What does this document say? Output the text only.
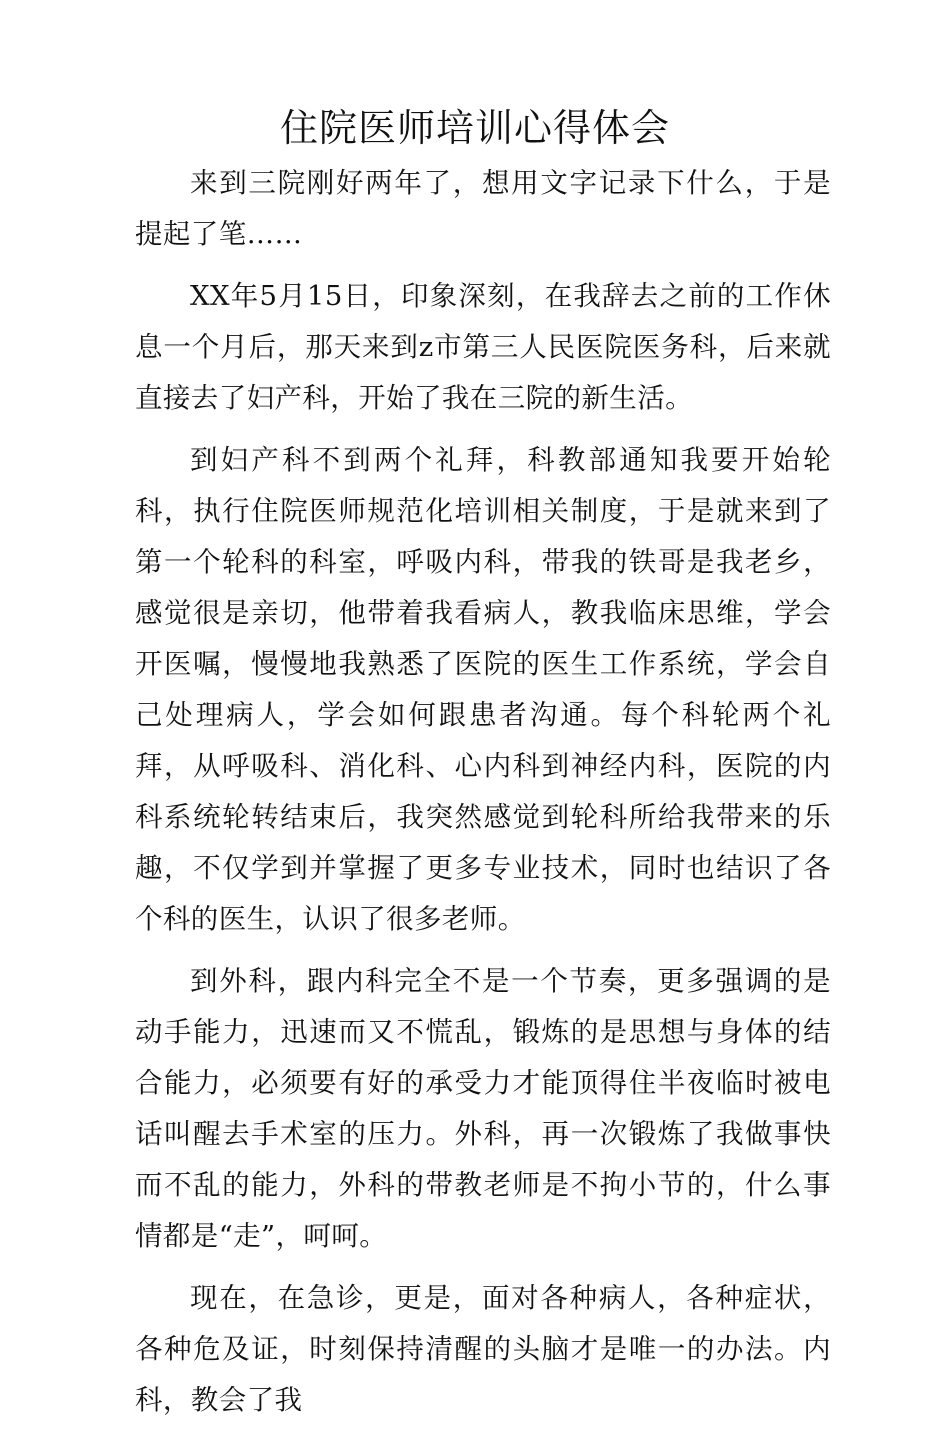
住院医师培训心得体会

来到三院刚好两年了，想用文字记录下什么，于是提起了笔……

XX年5月15日，印象深刻，在我辞去之前的工作休息一个月后，那天来到z市第三人民医院医务科，后来就直接去了妇产科，开始了我在三院的新生活。

到妇产科不到两个礼拜，科教部通知我要开始轮科，执行住院医师规范化培训相关制度，于是就来到了第一个轮科的科室，呼吸内科，带我的铁哥是我老乡，感觉很是亲切，他带着我看病人，教我临床思维，学会开医嘱，慢慢地我熟悉了医院的医生工作系统，学会自己处理病人，学会如何跟患者沟通。每个科轮两个礼拜，从呼吸科、消化科、心内科到神经内科，医院的内科系统轮转结束后，我突然感觉到轮科所给我带来的乐趣，不仅学到并掌握了更多专业技术，同时也结识了各个科的医生，认识了很多老师。

到外科，跟内科完全不是一个节奏，更多强调的是动手能力，迅速而又不慌乱，锻炼的是思想与身体的结合能力，必须要有好的承受力才能顶得住半夜临时被电话叫醒去手术室的压力。外科，再一次锻炼了我做事快而不乱的能力，外科的带教老师是不拘小节的，什么事情都是“走”，呵呵。

现在，在急诊，更是，面对各种病人，各种症状，各种危及证，时刻保持清醒的头脑才是唯一的办法。内科，教会了我
